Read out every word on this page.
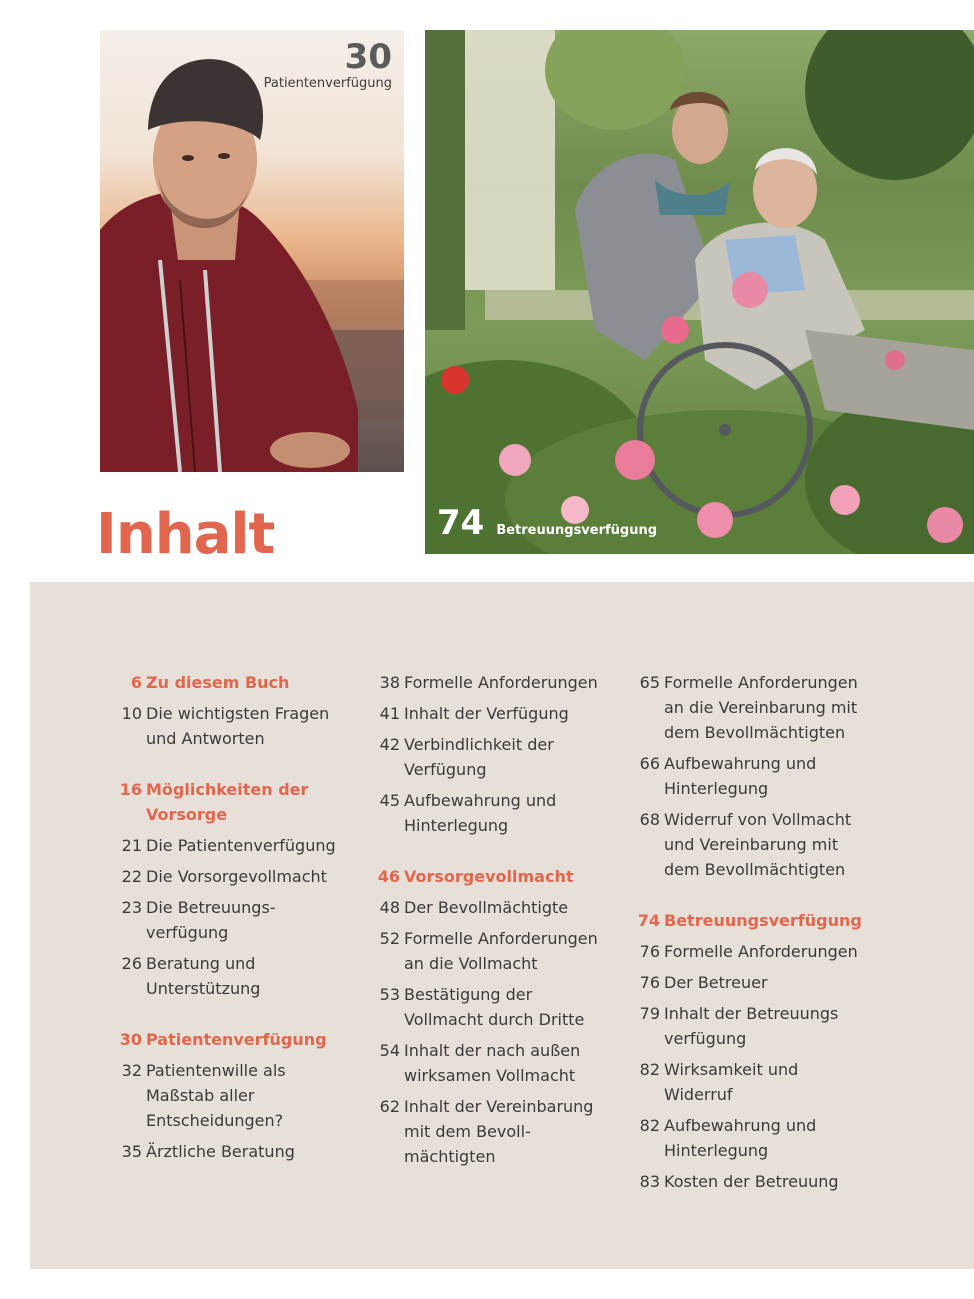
30
Patientenverfügung
74 Betreuungsverfügung
Inhalt
6 Zu diesem Buch
10 Die wichtigsten Fragen und Antworten
16 Möglichkeiten der Vorsorge
21 Die Patientenverfügung
22 Die Vorsorgevollmacht
23 Die Betreuungs-verfügung
26 Beratung und Unterstützung
30 Patientenverfügung
32 Patientenwille als Maßstab aller Entscheidungen?
35 Ärztliche Beratung
38 Formelle Anforderungen
41 Inhalt der Verfügung
42 Verbindlichkeit der Verfügung
45 Aufbewahrung und Hinterlegung
46 Vorsorgevollmacht
48 Der Bevollmächtigte
52 Formelle Anforderungen an die Vollmacht
53 Bestätigung der Vollmacht durch Dritte
54 Inhalt der nach außen wirksamen Vollmacht
62 Inhalt der Vereinbarung mit dem Bevoll-mächtigten
65 Formelle Anforderungen an die Vereinbarung mit dem Bevollmächtigten
66 Aufbewahrung und Hinterlegung
68 Widerruf von Vollmacht und Vereinbarung mit dem Bevollmächtigten
74 Betreuungsverfügung
76 Formelle Anforderungen
76 Der Betreuer
79 Inhalt der Betreuungs verfügung
82 Wirksamkeit und Widerruf
82 Aufbewahrung und Hinterlegung
83 Kosten der Betreuung
